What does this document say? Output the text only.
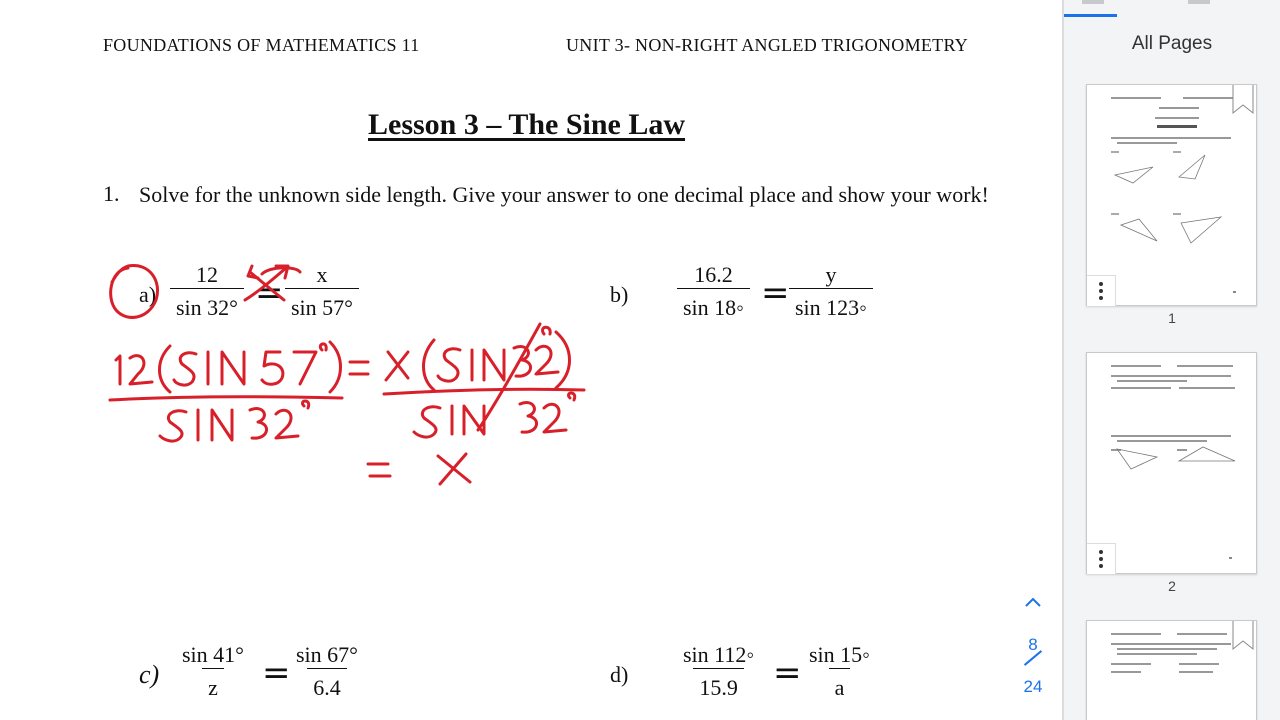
FOUNDATIONS OF MATHEMATICS 11	UNIT 3- NON-RIGHT ANGLED TRIGONOMETRY
Lesson 3 – The Sine Law
1. Solve for the unknown side length. Give your answer to one decimal place and show your work!
$a) \frac{12}{\sin 32^\circ} = \frac{x}{\sin 57^\circ}$	$b) \frac{16.2}{\sin 18◦} = \frac{y}{\sin 123◦}$
$c) \frac{\sin 41^\circ}{z} = \frac{\sin 67^\circ}{6.4}$	$d) \frac{\sin 112◦}{15.9} = \frac{\sin 15◦}{a}$	8
24
All Pages
1
2
